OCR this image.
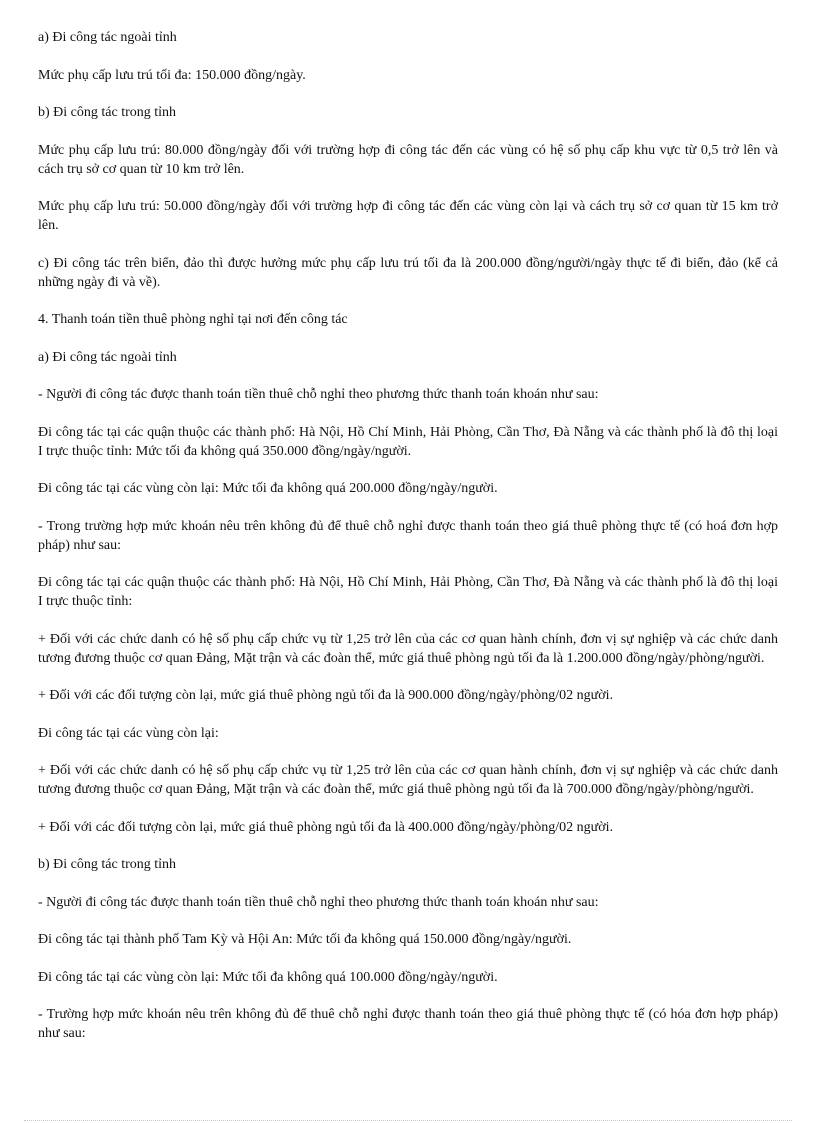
a) Đi công tác ngoài tỉnh

Mức phụ cấp lưu trú tối đa: 150.000 đồng/ngày.

b) Đi công tác trong tỉnh

Mức phụ cấp lưu trú: 80.000 đồng/ngày đối với trường hợp đi công tác đến các vùng có hệ số phụ cấp khu vực từ 0,5 trở lên và cách trụ sở cơ quan từ 10 km trở lên.

Mức phụ cấp lưu trú: 50.000 đồng/ngày đối với trường hợp đi công tác đến các vùng còn lại và cách trụ sở cơ quan từ 15 km trở lên.

c) Đi công tác trên biển, đảo thì được hưởng mức phụ cấp lưu trú tối đa là 200.000 đồng/người/ngày thực tế đi biển, đảo (kể cả những ngày đi và về).

4. Thanh toán tiền thuê phòng nghỉ tại nơi đến công tác

a) Đi công tác ngoài tỉnh

- Người đi công tác được thanh toán tiền thuê chỗ nghỉ theo phương thức thanh toán khoán như sau:

Đi công tác tại các quận thuộc các thành phố: Hà Nội, Hồ Chí Minh, Hải Phòng, Cần Thơ, Đà Nẵng và các thành phố là đô thị loại I trực thuộc tỉnh: Mức tối đa không quá 350.000 đồng/ngày/người.

Đi công tác tại các vùng còn lại: Mức tối đa không quá 200.000 đồng/ngày/người.

- Trong trường hợp mức khoán nêu trên không đủ để thuê chỗ nghỉ được thanh toán theo giá thuê phòng thực tế (có hoá đơn hợp pháp) như sau:

Đi công tác tại các quận thuộc các thành phố: Hà Nội, Hồ Chí Minh, Hải Phòng, Cần Thơ, Đà Nẵng và các thành phố là đô thị loại I trực thuộc tỉnh:

+ Đối với các chức danh có hệ số phụ cấp chức vụ từ 1,25 trở lên của các cơ quan hành chính, đơn vị sự nghiệp và các chức danh tương đương thuộc cơ quan Đảng, Mặt trận và các đoàn thể, mức giá thuê phòng ngủ tối đa là 1.200.000 đồng/ngày/phòng/người.

+ Đối với các đối tượng còn lại, mức giá thuê phòng ngủ tối đa là 900.000 đồng/ngày/phòng/02 người.

Đi công tác tại các vùng còn lại:

+ Đối với các chức danh có hệ số phụ cấp chức vụ từ 1,25 trở lên của các cơ quan hành chính, đơn vị sự nghiệp và các chức danh tương đương thuộc cơ quan Đảng, Mặt trận và các đoàn thể, mức giá thuê phòng ngủ tối đa là 700.000 đồng/ngày/phòng/người.

+ Đối với các đối tượng còn lại, mức giá thuê phòng ngủ tối đa là 400.000 đồng/ngày/phòng/02 người.

b) Đi công tác trong tỉnh

- Người đi công tác được thanh toán tiền thuê chỗ nghỉ theo phương thức thanh toán khoán như sau:

Đi công tác tại thành phố Tam Kỳ và Hội An: Mức tối đa không quá 150.000 đồng/ngày/người.

Đi công tác tại các vùng còn lại: Mức tối đa không quá 100.000 đồng/ngày/người.

- Trường hợp mức khoán nêu trên không đủ để thuê chỗ nghỉ được thanh toán theo giá thuê phòng thực tế (có hóa đơn hợp pháp) như sau:
